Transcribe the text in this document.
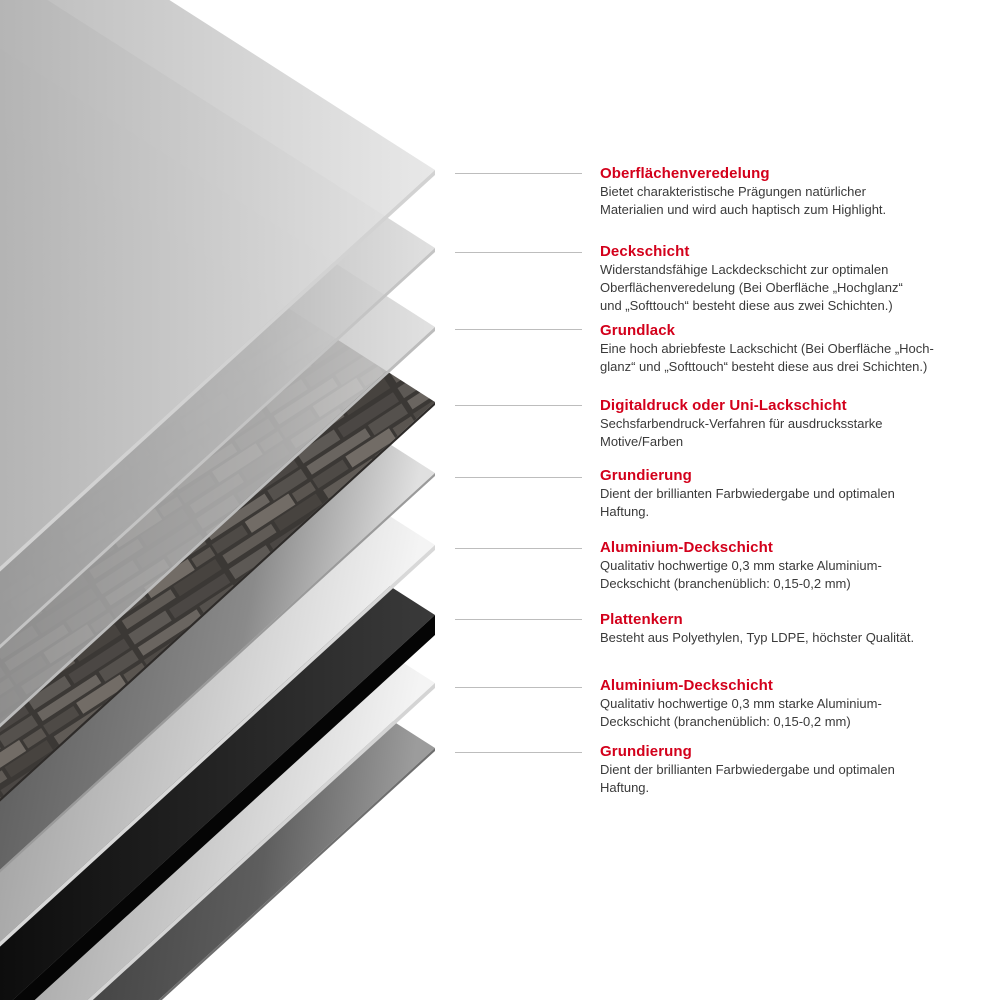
Oberflächenveredelung
Bietet charakteristische Prägungen natürlicher
Materialien und wird auch haptisch zum Highlight.
Deckschicht
Widerstandsfähige Lackdeckschicht zur optimalen
Oberflächenveredelung (Bei Oberfläche „Hochglanz“
und „Softtouch“ besteht diese aus zwei Schichten.)
Grundlack
Eine hoch abriebfeste Lackschicht (Bei Oberfläche „Hoch-
glanz“ und „Softtouch“ besteht diese aus drei Schichten.)
Digitaldruck oder Uni-Lackschicht
Sechsfarbendruck-Verfahren für ausdrucksstarke
Motive/Farben
Grundierung
Dient der brillianten Farbwiedergabe und optimalen
Haftung.
Aluminium-Deckschicht
Qualitativ hochwertige 0,3 mm starke Aluminium-
Deckschicht (branchenüblich: 0,15-0,2 mm)
Plattenkern
Besteht aus Polyethylen, Typ LDPE, höchster Qualität.
Aluminium-Deckschicht
Qualitativ hochwertige 0,3 mm starke Aluminium-
Deckschicht (branchenüblich: 0,15-0,2 mm)
Grundierung
Dient der brillianten Farbwiedergabe und optimalen
Haftung.
